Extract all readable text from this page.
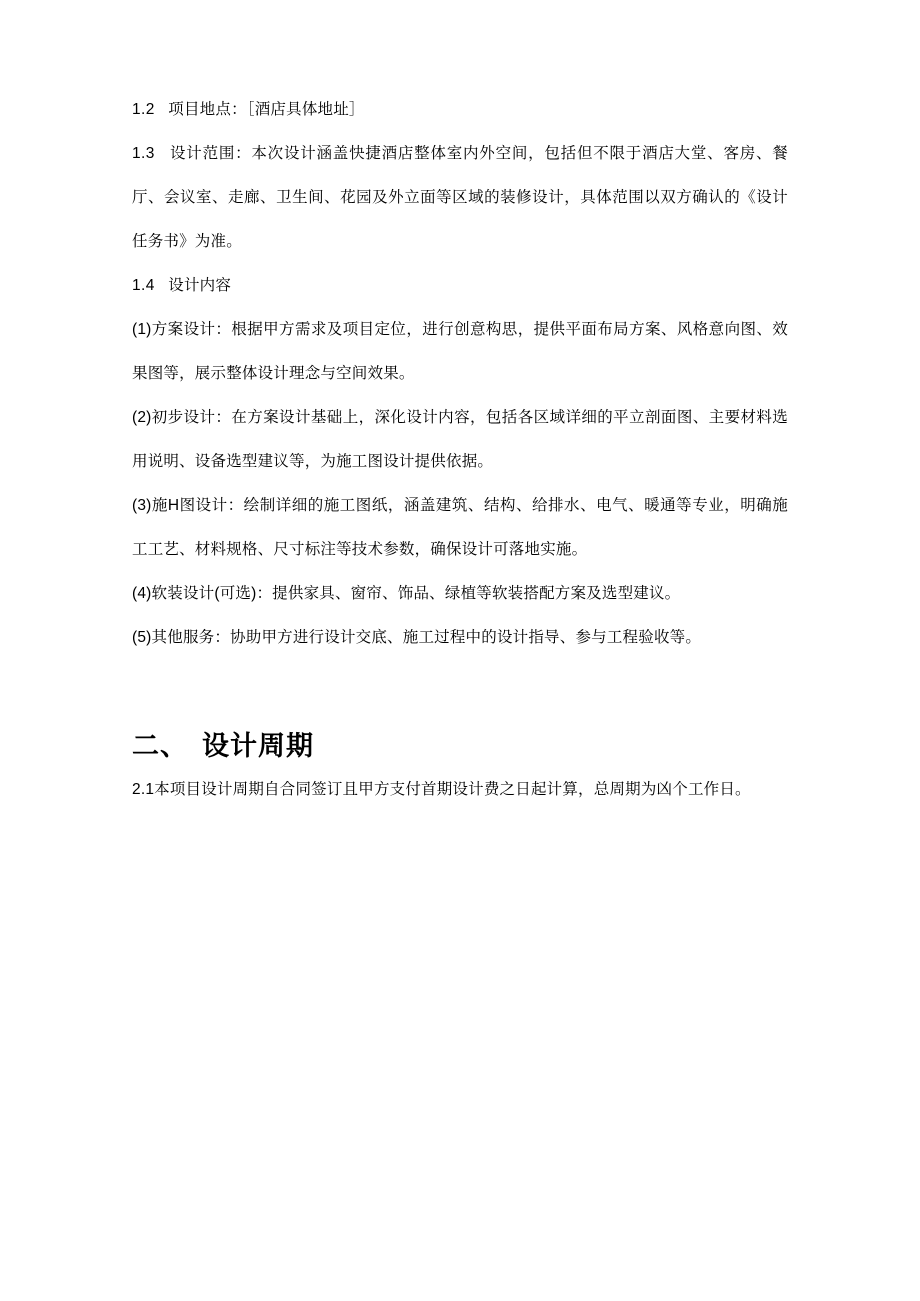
1.2 项目地点：［酒店具体地址］

1.3 设计范围：本次设计涵盖快捷酒店整体室内外空间，包括但不限于酒店大堂、客房、餐厅、会议室、走廊、卫生间、花园及外立面等区域的装修设计，具体范围以双方确认的《设计任务书》为准。

1.4 设计内容

(1)方案设计：根据甲方需求及项目定位，进行创意构思，提供平面布局方案、风格意向图、效果图等，展示整体设计理念与空间效果。

(2)初步设计：在方案设计基础上，深化设计内容，包括各区域详细的平立剖面图、主要材料选用说明、设备选型建议等，为施工图设计提供依据。

(3)施H图设计：绘制详细的施工图纸，涵盖建筑、结构、给排水、电气、暖通等专业，明确施工工艺、材料规格、尺寸标注等技术参数，确保设计可落地实施。

(4)软装设计(可选)：提供家具、窗帘、饰品、绿植等软装搭配方案及选型建议。

(5)其他服务：协助甲方进行设计交底、施工过程中的设计指导、参与工程验收等。

二、 设计周期

2.1本项目设计周期自合同签订且甲方支付首期设计费之日起计算，总周期为凶个工作日。
